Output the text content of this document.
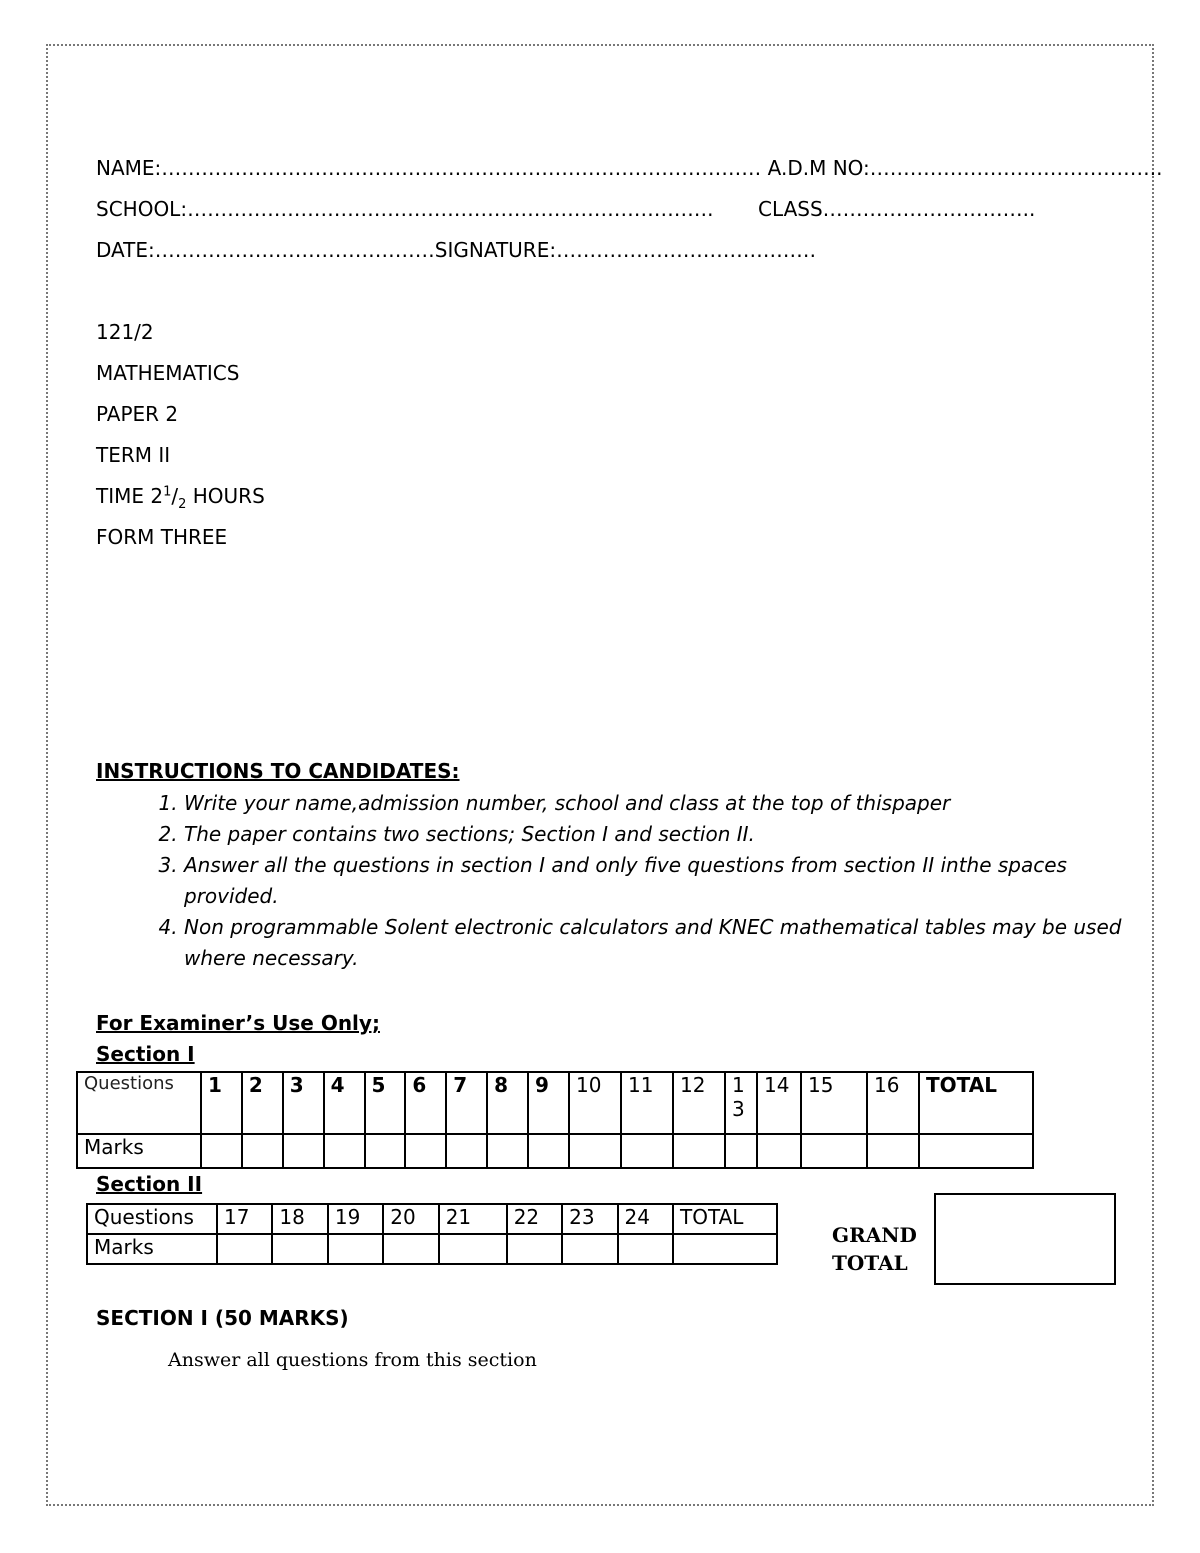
NAME:……………………………………………………………………………… A.D.M NO:……………………………………..
SCHOOL:……………………………………………………………………. CLASS…………………………..
DATE:……………………………………SIGNATURE:…………………………………
121/2
MATHEMATICS
PAPER 2
TERM II
TIME $2^1/_2$ HOURS
FORM THREE
INSTRUCTIONS TO CANDIDATES:
1. Write your name,admission number, school and class at the top of thispaper
2. The paper contains two sections; Section I and section II.
3. Answer all the questions in section I and only five questions from section II inthe spaces provided.
4. Non programmable Solent electronic calculators and KNEC mathematical tables may be used where necessary.
For Examiner’s Use Only;
Section I
Questions	1	2	3	4	5	6	7	8	9	10	11	12	1 3	14	15	16	TOTAL
Marks																	
Section II
Questions	17	18	19	20	21	22	23	24	TOTAL
Marks										GRAND
TOTAL
SECTION I (50 MARKS)
Answer all questions from this section
